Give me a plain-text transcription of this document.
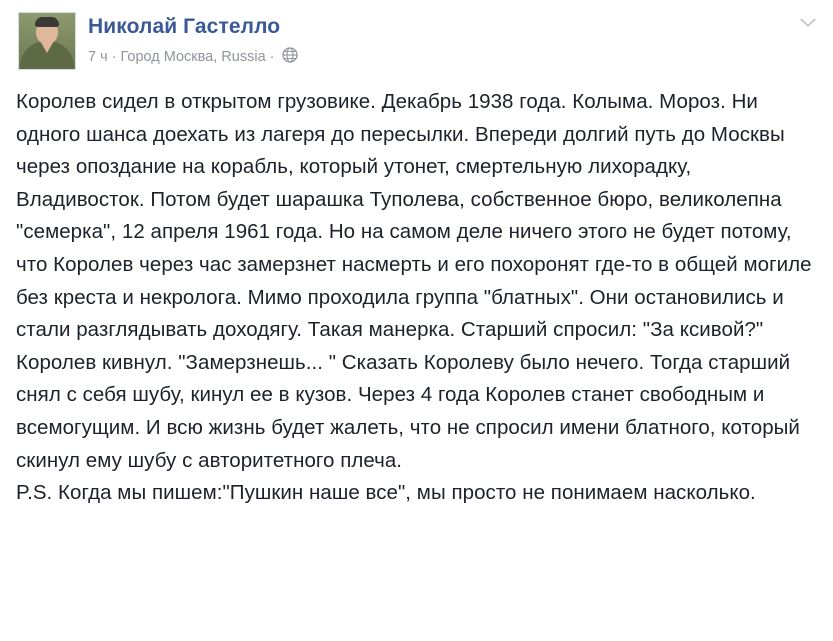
Николай Гастелло
7 ч · Город Москва, Russia ·

Королев сидел в открытом грузовике. Декабрь 1938 года. Колыма. Мороз. Ни одного шанса доехать из лагеря до пересылки. Впереди долгий путь до Москвы через опоздание на корабль, который утонет, смертельную лихорадку, Владивосток. Потом будет шарашка Туполева, собственное бюро, великолепна "семерка", 12 апреля 1961 года. Но на самом деле ничего этого не будет потому, что Королев через час замерзнет насмерть и его похоронят где-то в общей могиле без креста и некролога. Мимо проходила группа "блатных". Они остановились и стали разглядывать доходягу. Такая манерка. Старший спросил: "За ксивой?" Королев кивнул. "Замерзнешь... " Сказать Королеву было нечего. Тогда старший снял с себя шубу, кинул ее в кузов. Через 4 года Королев станет свободным и всемогущим. И всю жизнь будет жалеть, что не спросил имени блатного, который скинул ему шубу с авторитетного плеча.

P.S. Когда мы пишем:"Пушкин наше все", мы просто не понимаем насколько.
